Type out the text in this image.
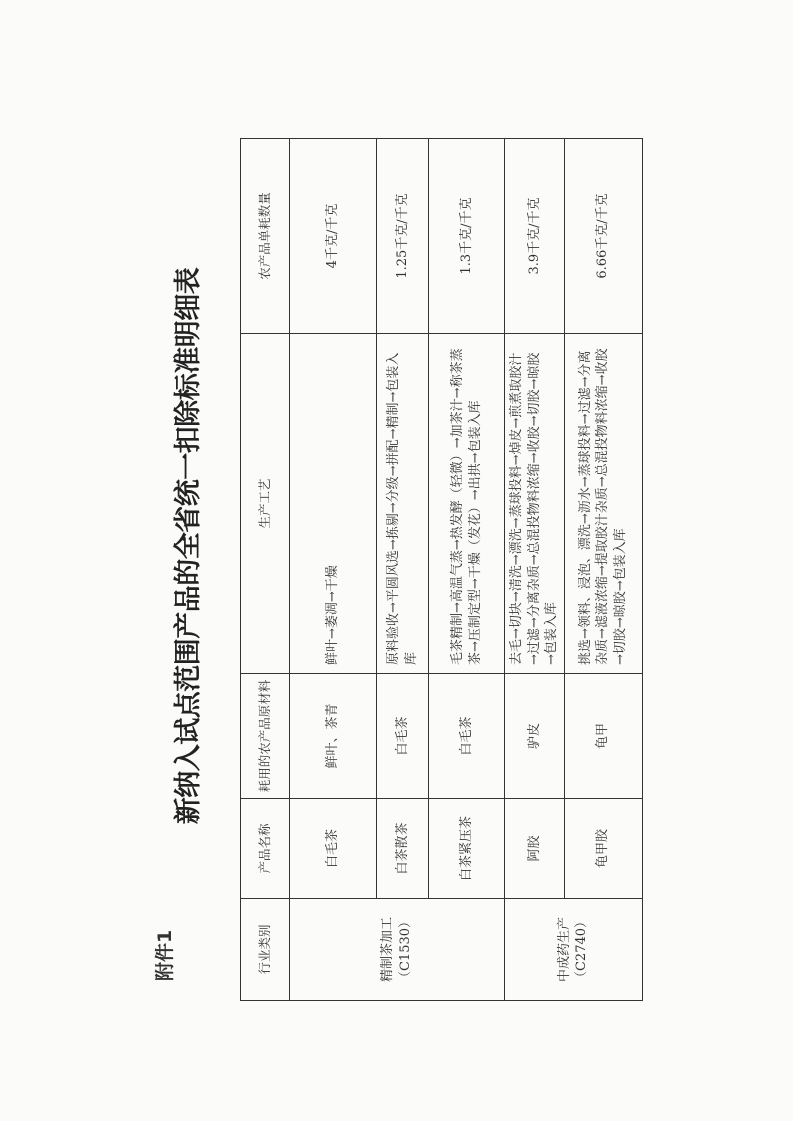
附件1
新纳入试点范围产品的全省统一扣除标准明细表
行业类别	产品名称	耗用的农产品原材料	生产工艺	农产品单耗数量
精制茶加工（C1530）	白毛茶	鲜叶、茶青	鲜叶→萎凋→干燥	4千克/千克
	白茶散茶	白毛茶	原料验收→平圆风选→拣剔→分级→拼配→精制→包装入库	1.25千克/千克
	白茶紧压茶	白毛茶	毛茶精制→高温气蒸→热发酵（轻微）→加茶汁→称茶蒸茶→压制定型→干燥（发花）→出拱→包装入库	1.3千克/千克
中成药生产（C2740）	阿胶	驴皮	去毛→切块→清洗→漂洗→蒸球投料→焯皮→煎煮取胶汁→过滤→分离杂质→总混投物料浓缩→收胶→切胶→晾胶→包装入库	3.9千克/千克
	龟甲胶	龟甲	挑选→领料、浸泡、漂洗→沥水→蒸球投料→过滤→分离杂质→滤液浓缩→提取胶汁杂质→总混投物料浓缩→收胶→切胶→晾胶→包装入库	6.66千克/千克
